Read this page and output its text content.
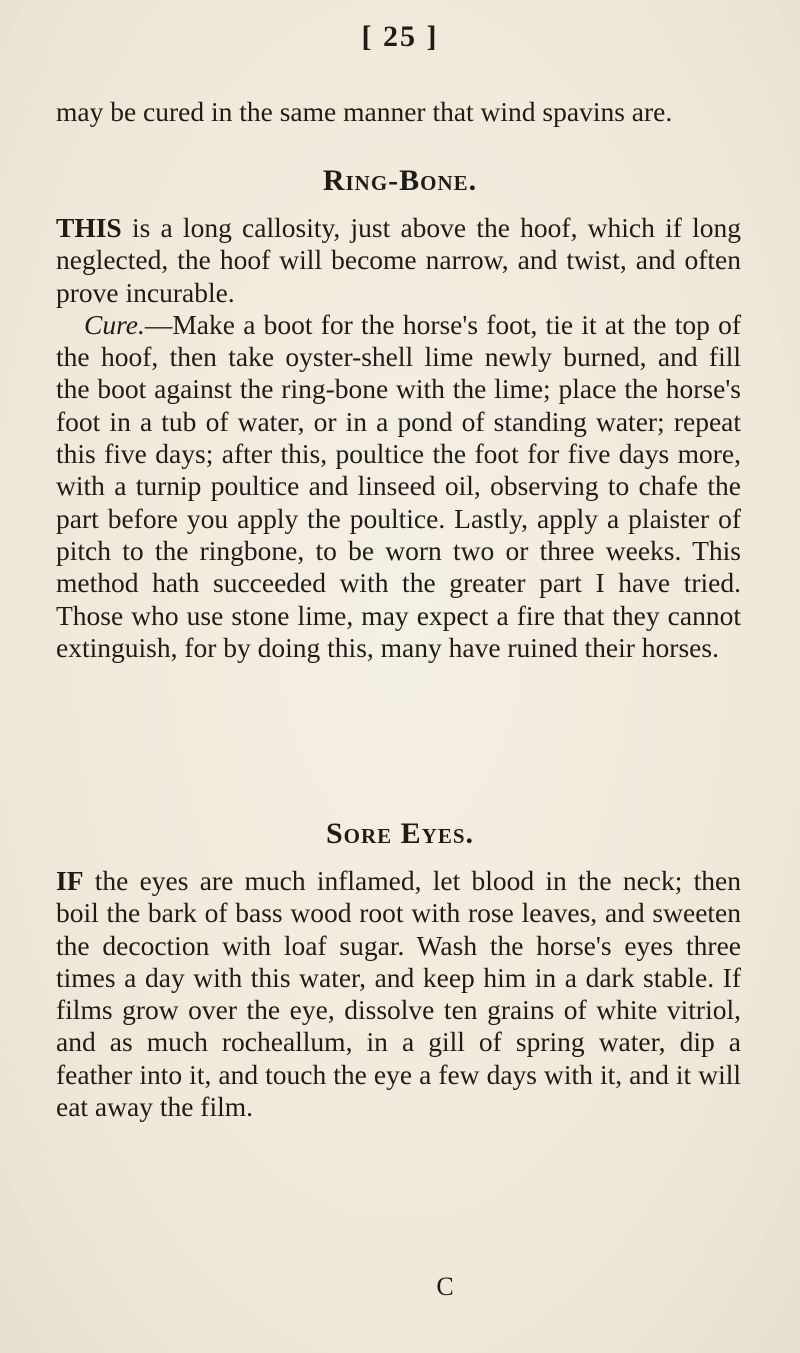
[ 25 ]

may be cured in the same manner that wind spavins are.

Ring-Bone.

THIS is a long callosity, just above the hoof, which if long neglected, the hoof will become narrow, and twist, and often prove incurable.

Cure.—Make a boot for the horse's foot, tie it at the top of the hoof, then take oyster-shell lime newly burned, and fill the boot against the ring-bone with the lime; place the horse's foot in a tub of water, or in a pond of standing water; repeat this five days; after this, poultice the foot for five days more, with a turnip poultice and linseed oil, observing to chafe the part before you apply the poultice. Lastly, apply a plaister of pitch to the ringbone, to be worn two or three weeks. This method hath succeeded with the greater part I have tried. Those who use stone lime, may expect a fire that they cannot extinguish, for by doing this, many have ruined their horses.

Sore Eyes.

IF the eyes are much inflamed, let blood in the neck; then boil the bark of bass wood root with rose leaves, and sweeten the decoction with loaf sugar. Wash the horse's eyes three times a day with this water, and keep him in a dark stable. If films grow over the eye, dissolve ten grains of white vitriol, and as much rocheallum, in a gill of spring water, dip a feather into it, and touch the eye a few days with it, and it will eat away the film.

C
